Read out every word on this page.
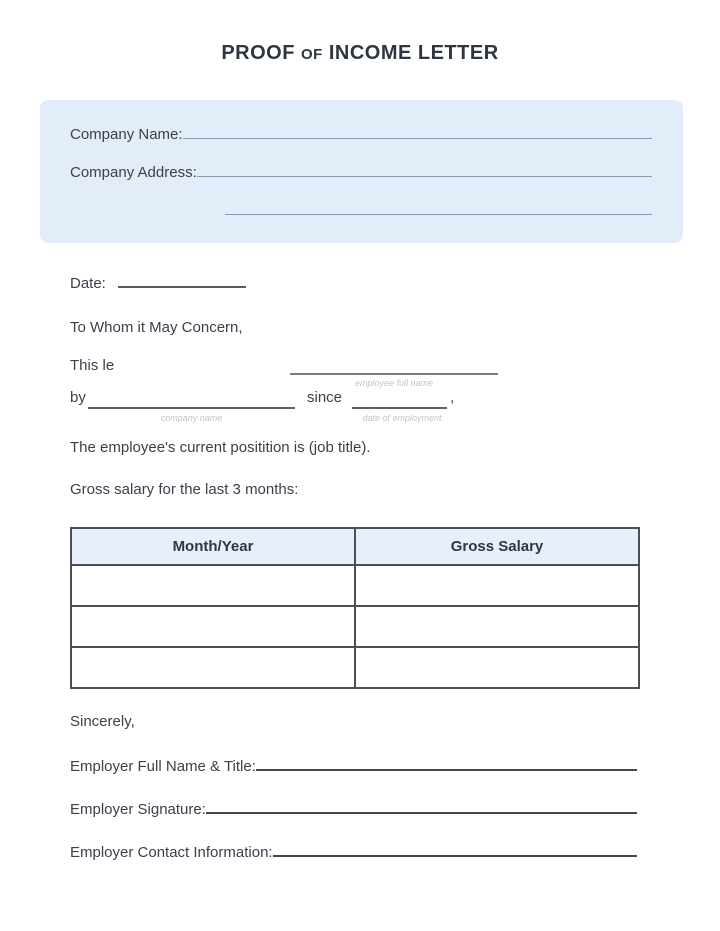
PROOF OF INCOME LETTER
Company Name:
Company Address:
Date:
To Whom it May Concern,
This le
employee full name
by	since	,
company name	date of employment
The employee's current positition is (job title).
Gross salary for the last 3 months:
Month/Year	Gross Salary

Sincerely,
Employer Full Name & Title:
Employer Signature:
Employer Contact Information:
